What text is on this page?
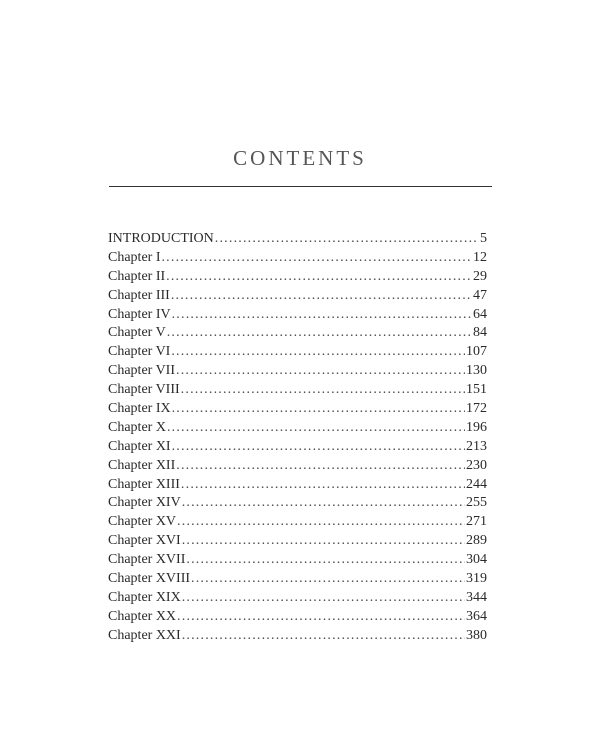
CONTENTS
INTRODUCTION .....	5
Chapter I .....	12
Chapter II .....	29
Chapter III .....	47
Chapter IV .....	64
Chapter V .....	84
Chapter VI .....	107
Chapter VII .....	130
Chapter VIII .....	151
Chapter IX .....	172
Chapter X .....	196
Chapter XI .....	213
Chapter XII .....	230
Chapter XIII .....	244
Chapter XIV .....	255
Chapter XV .....	271
Chapter XVI .....	289
Chapter XVII .....	304
Chapter XVIII .....	319
Chapter XIX .....	344
Chapter XX .....	364
Chapter XXI .....	380
